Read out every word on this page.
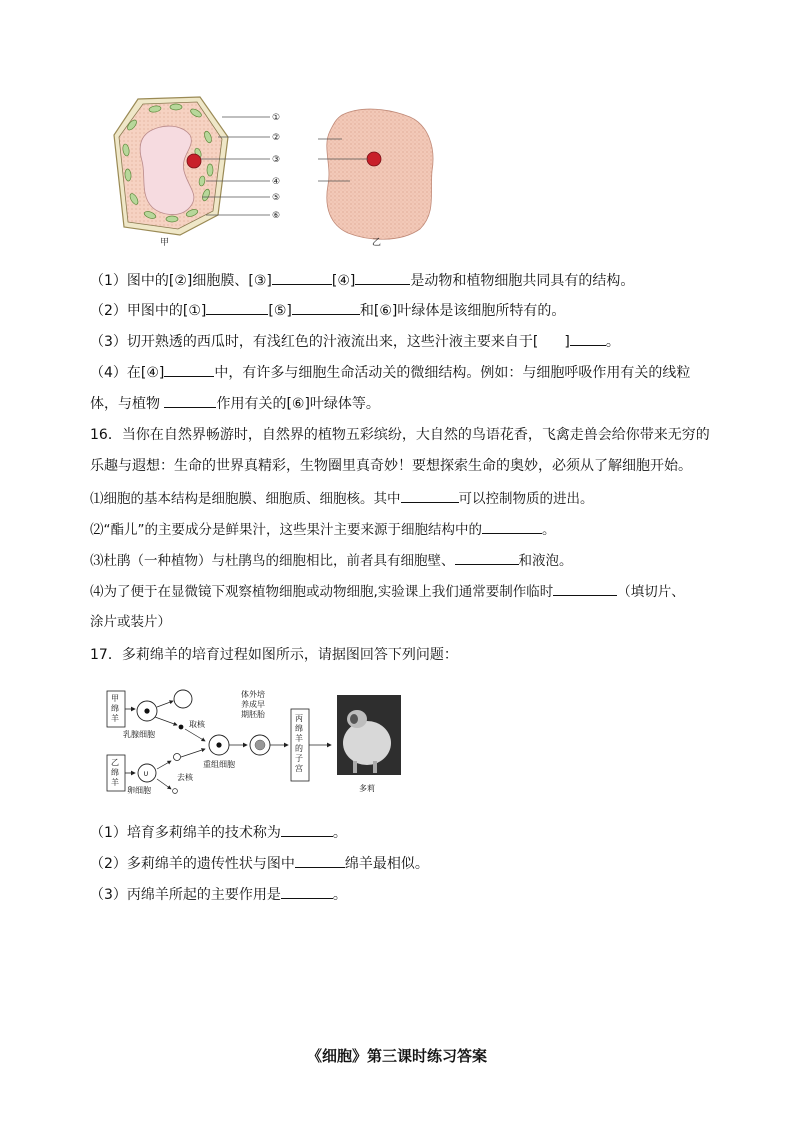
①
②
③
④
⑤
⑥
甲	乙
（1）图中的[②]细胞膜、[③]	[④]	是动物和植物细胞共同具有的结构。
（2）甲图中的[①]	[⑤]	和[⑥]叶绿体是该细胞所特有的。
（3）切开熟透的西瓜时，有浅红色的汁液流出来，这些汁液主要来自于[ ]	。
（4）在[④]	中，有许多与细胞生命活动关的微细结构。例如：与细胞呼吸作用有关的线粒
体，与植物	作用有关的[⑥]叶绿体等。
16．当你在自然界畅游时，自然界的植物五彩缤纷，大自然的鸟语花香，飞禽走兽会给你带来无穷的
乐趣与遐想：生命的世界真精彩，生物圈里真奇妙！要想探索生命的奥妙，必须从了解细胞开始。
⑴细胞的基本结构是细胞膜、细胞质、细胞核。其中	可以控制物质的进出。
⑵“酯儿”的主要成分是鲜果汁，这些果汁主要来源于细胞结构中的	。
⑶杜鹃（一种植物）与杜鹃鸟的细胞相比，前者具有细胞壁、	和液泡。
⑷为了便于在显微镜下观察植物细胞或动物细胞,实验课上我们通常要制作临时	（填切片、
涂片或装片）
17．多莉绵羊的培育过程如图所示，请据图回答下列问题：
甲绵羊
乙绵羊
乳腺细胞
取核
∪
卵细胞
去核
重组细胞
体外培养成早期胚胎	丙绵羊的子宫
多莉
（1）培育多莉绵羊的技术称为	。
（2）多莉绵羊的遗传性状与图中	绵羊最相似。
（3）丙绵羊所起的主要作用是	。
《细胞》第三课时练习答案
